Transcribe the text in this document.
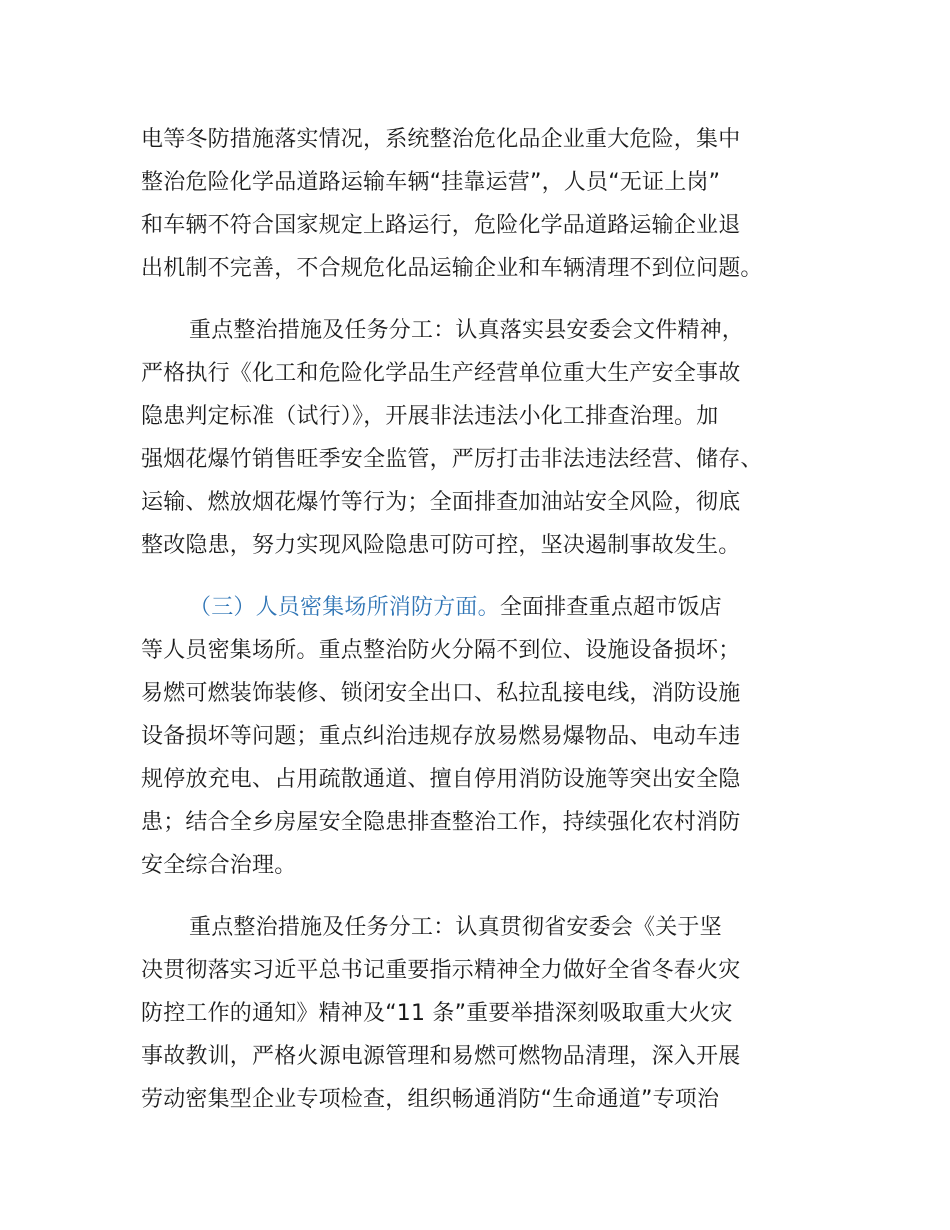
电等冬防措施落实情况，系统整治危化品企业重大危险，集中
整治危险化学品道路运输车辆“挂靠运营”，人员“无证上岗”
和车辆不符合国家规定上路运行，危险化学品道路运输企业退
出机制不完善，不合规危化品运输企业和车辆清理不到位问题。
重点整治措施及任务分工：认真落实县安委会文件精神，
严格执行《化工和危险化学品生产经营单位重大生产安全事故
隐患判定标准（试行）》，开展非法违法小化工排查治理。加
强烟花爆竹销售旺季安全监管，严厉打击非法违法经营、储存、
运输、燃放烟花爆竹等行为；全面排查加油站安全风险，彻底
整改隐患，努力实现风险隐患可防可控，坚决遏制事故发生。
（三）人员密集场所消防方面。全面排查重点超市饭店
等人员密集场所。重点整治防火分隔不到位、设施设备损坏；
易燃可燃装饰装修、锁闭安全出口、私拉乱接电线，消防设施
设备损坏等问题；重点纠治违规存放易燃易爆物品、电动车违
规停放充电、占用疏散通道、擅自停用消防设施等突出安全隐
患；结合全乡房屋安全隐患排查整治工作，持续强化农村消防
安全综合治理。
重点整治措施及任务分工：认真贯彻省安委会《关于坚
决贯彻落实习近平总书记重要指示精神全力做好全省冬春火灾
防控工作的通知》精神及“11 条”重要举措深刻吸取重大火灾
事故教训，严格火源电源管理和易燃可燃物品清理，深入开展
劳动密集型企业专项检查，组织畅通消防“生命通道”专项治
